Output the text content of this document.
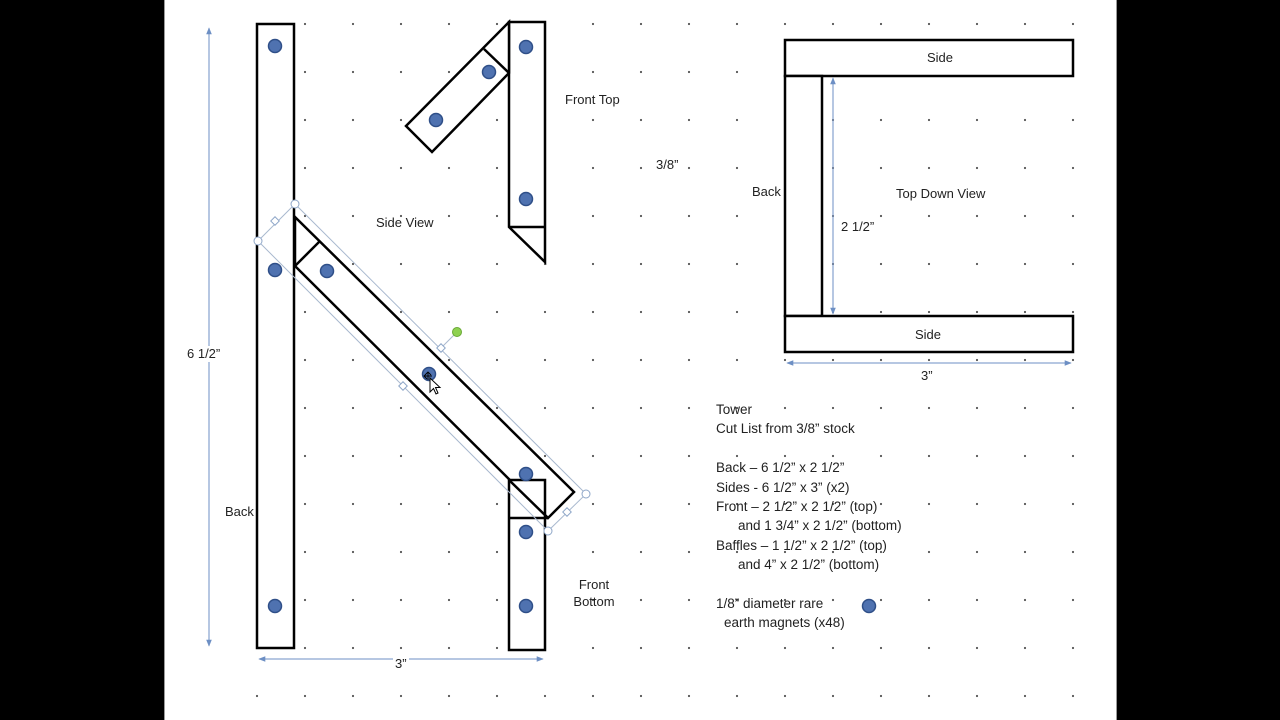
Front Top
Side View
3/8”
Back	Top Down View
Side
Side
2 1/2”
3”
6 1/2”
Back
Front
Bottom
3”
Tower
Cut List from 3/8” stock
Back – 6 1/2” x 2 1/2”
Sides - 6 1/2” x 3” (x2)
Front – 2 1/2” x 2 1/2” (top)
and 1 3/4” x 2 1/2” (bottom)
Baffles – 1 1/2” x 2 1/2” (top)
and 4” x 2 1/2” (bottom)
1/8” diameter rare
earth magnets (x48)
